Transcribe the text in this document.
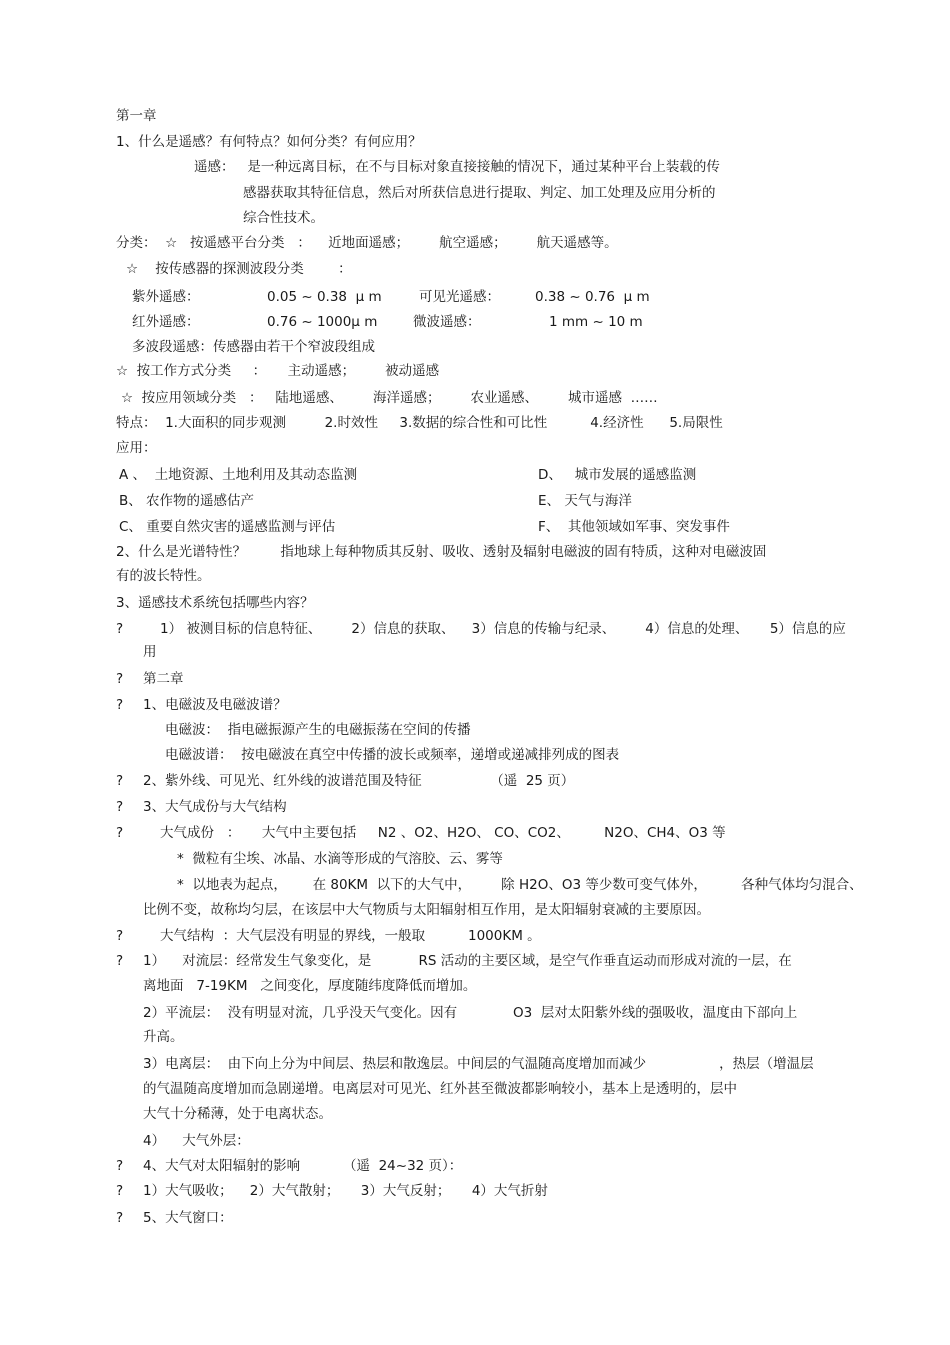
第一章
1、什么是遥感？有何特点？如何分类？有何应用？
遥感：   是一种远离目标，在不与目标对象直接接触的情况下，通过某种平台上装载的传
感器获取其特征信息，然后对所获信息进行提取、判定、加工处理及应用分析的
综合性技术。
分类：  ☆   按遥感平台分类   ：    近地面遥感；       航空遥感；       航天遥感等。
☆    按传感器的探测波段分类        ：
紫外遥感：	0.05 ~ 0.38  μ m	可见光遥感：	0.38 ~ 0.76  μ m
红外遥感：	0.76 ~ 1000μ m	微波遥感：	1 mm ~ 10 m
多波段遥感：传感器由若干个窄波段组成
☆  按工作方式分类     ：     主动遥感；       被动遥感
☆  按应用领域分类   ：   陆地遥感、       海洋遥感；       农业遥感、       城市遥感  ……
特点：  1.大面积的同步观测         2.时效性     3.数据的综合性和可比性          4.经济性      5.局限性
应用：
A 、  土地资源、土地利用及其动态监测	D、   城市发展的遥感监测
B、 农作物的遥感估产	E、 天气与海洋
C、 重要自然灾害的遥感监测与评估	F、  其他领域如军事、突发事件
2、什么是光谱特性？        指地球上每种物质其反射、吸收、透射及辐射电磁波的固有特质，这种对电磁波固
有的波长特性。
3、遥感技术系统包括哪些内容？
?	1） 被测目标的信息特征、       2）信息的获取、    3）信息的传输与纪录、       4）信息的处理、     5）信息的应
用
? 第二章
? 1、电磁波及电磁波谱？
电磁波：  指电磁振源产生的电磁振荡在空间的传播
电磁波谱：  按电磁波在真空中传播的波长或频率，递增或递减排列成的图表
? 2、紫外线、可见光、红外线的波谱范围及特征                （遥  25 页）
? 3、大气成份与大气结构
?	大气成份   ：     大气中主要包括     N2 、O2、H2O、 CO、CO2、        N2O、CH4、O3 等
*  微粒有尘埃、冰晶、水滴等形成的气溶胶、云、雾等
*  以地表为起点，      在 80KM  以下的大气中，       除 H2O、O3 等少数可变气体外，        各种气体均匀混合、
比例不变，故称均匀层，在该层中大气物质与太阳辐射相互作用，是太阳辐射衰减的主要原因。
?	大气结构  ：大气层没有明显的界线，一般取          1000KM 。
? 1）    对流层：经常发生气象变化，是           RS 活动的主要区域，是空气作垂直运动而形成对流的一层，在
离地面   7-19KM   之间变化，厚度随纬度降低而增加。
2）平流层：  没有明显对流，几乎没天气变化。因有             O3  层对太阳紫外线的强吸收，温度由下部向上
升高。
3）电离层：  由下向上分为中间层、热层和散逸层。中间层的气温随高度增加而减少                 ，热层（增温层
的气温随高度增加而急剧递增。电离层对可见光、红外甚至微波都影响较小，基本上是透明的，层中
大气十分稀薄，处于电离状态。
4）    大气外层：
? 4、大气对太阳辐射的影响          （遥  24~32 页）：
? 1）大气吸收；    2）大气散射；     3）大气反射；     4）大气折射
? 5、大气窗口：
